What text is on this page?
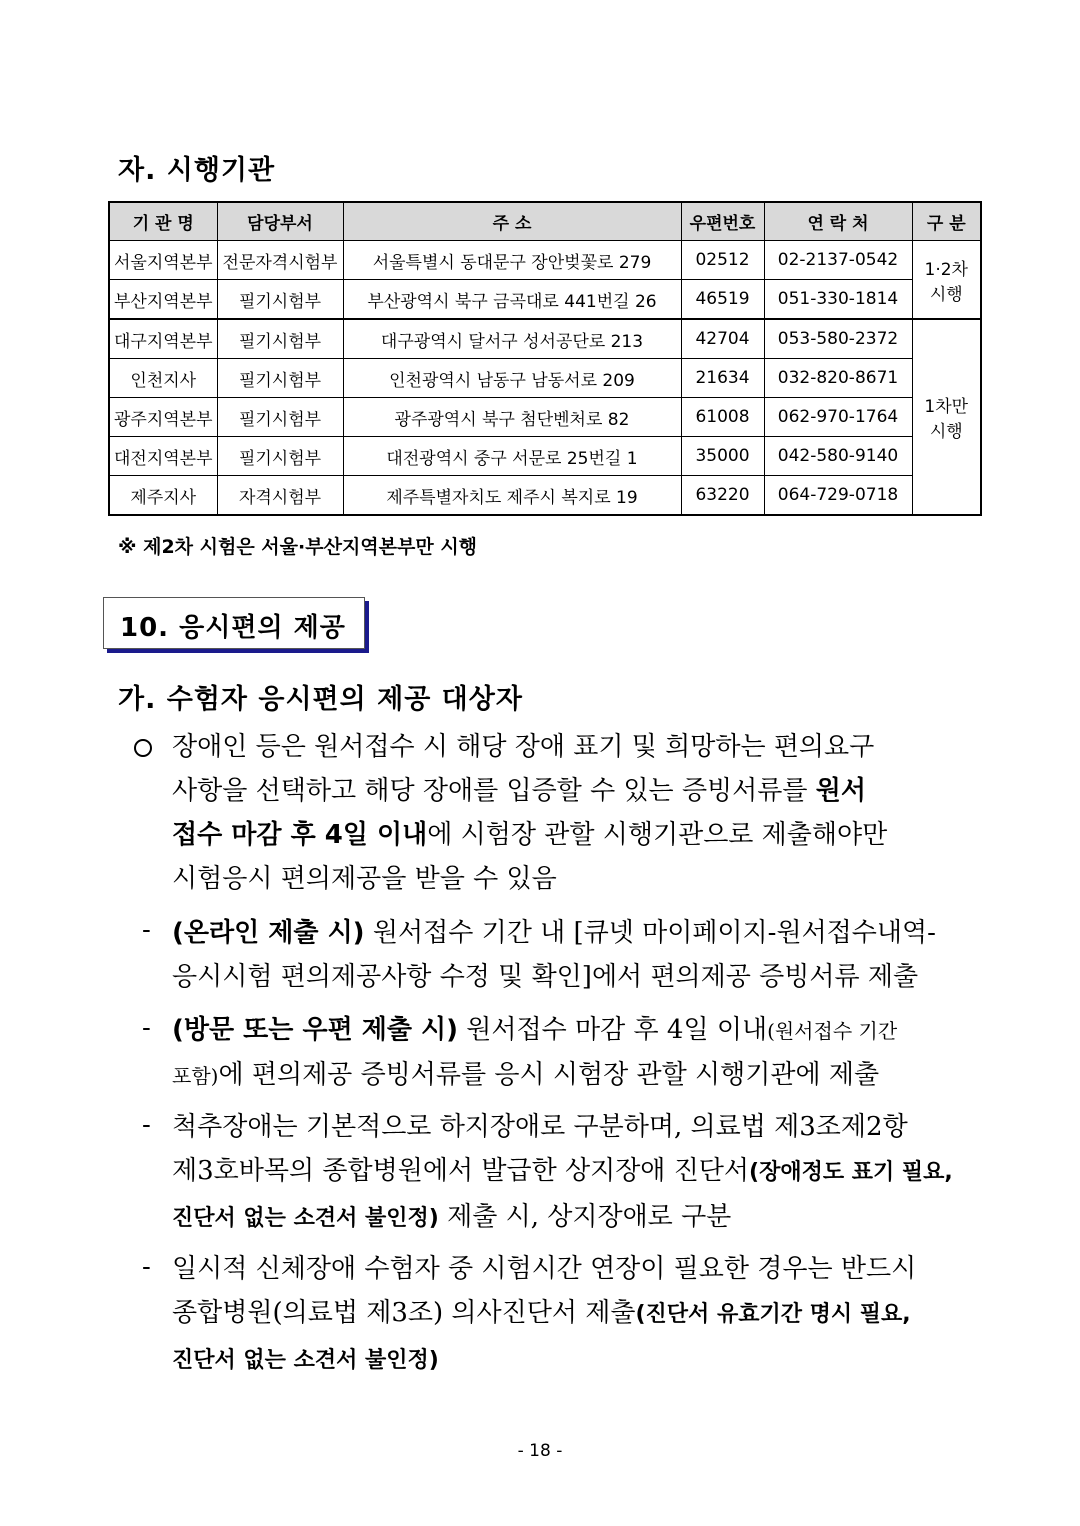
자. 시행기관
기 관 명	담당부서	주 소	우편번호	연 락 처	구 분
서울지역본부	전문자격시험부	서울특별시 동대문구 장안벚꽃로 279	02512	02-2137-0542	1·2차
시행

부산지역본부	필기시험부	부산광역시 북구 금곡대로 441번길 26	46519	051-330-1814	
대구지역본부	필기시험부	대구광역시 달서구 성서공단로 213	42704	053-580-2372	1차만
시행

인천지사	필기시험부	인천광역시 남동구 남동서로 209	21634	032-820-8671	
광주지역본부	필기시험부	광주광역시 북구 첨단벤처로 82	61008	062-970-1764	
대전지역본부	필기시험부	대전광역시 중구 서문로 25번길 1	35000	042-580-9140	
제주지사	자격시험부	제주특별자치도 제주시 복지로 19	63220	064-729-0718	
※ 제2차 시험은 서울·부산지역본부만 시행
10. 응시편의 제공
가. 수험자 응시편의 제공 대상자
장애인 등은 원서접수 시 해당 장애 표기 및 희망하는 편의요구
사항을 선택하고 해당 장애를 입증할 수 있는 증빙서류를 원서
접수 마감 후 4일 이내에 시험장 관할 시행기관으로 제출해야만
시험응시 편의제공을 받을 수 있음
- (온라인 제출 시) 원서접수 기간 내 [큐넷 마이페이지-원서접수내역-
응시시험 편의제공사항 수정 및 확인]에서 편의제공 증빙서류 제출
- (방문 또는 우편 제출 시) 원서접수 마감 후 4일 이내(원서접수 기간
포함)에 편의제공 증빙서류를 응시 시험장 관할 시행기관에 제출
- 척추장애는 기본적으로 하지장애로 구분하며, 의료법 제3조제2항
제3호바목의 종합병원에서 발급한 상지장애 진단서(장애정도 표기 필요,
진단서 없는 소견서 불인정) 제출 시, 상지장애로 구분
- 일시적 신체장애 수험자 중 시험시간 연장이 필요한 경우는 반드시
종합병원(의료법 제3조) 의사진단서 제출(진단서 유효기간 명시 필요,
진단서 없는 소견서 불인정)
- 18 -
